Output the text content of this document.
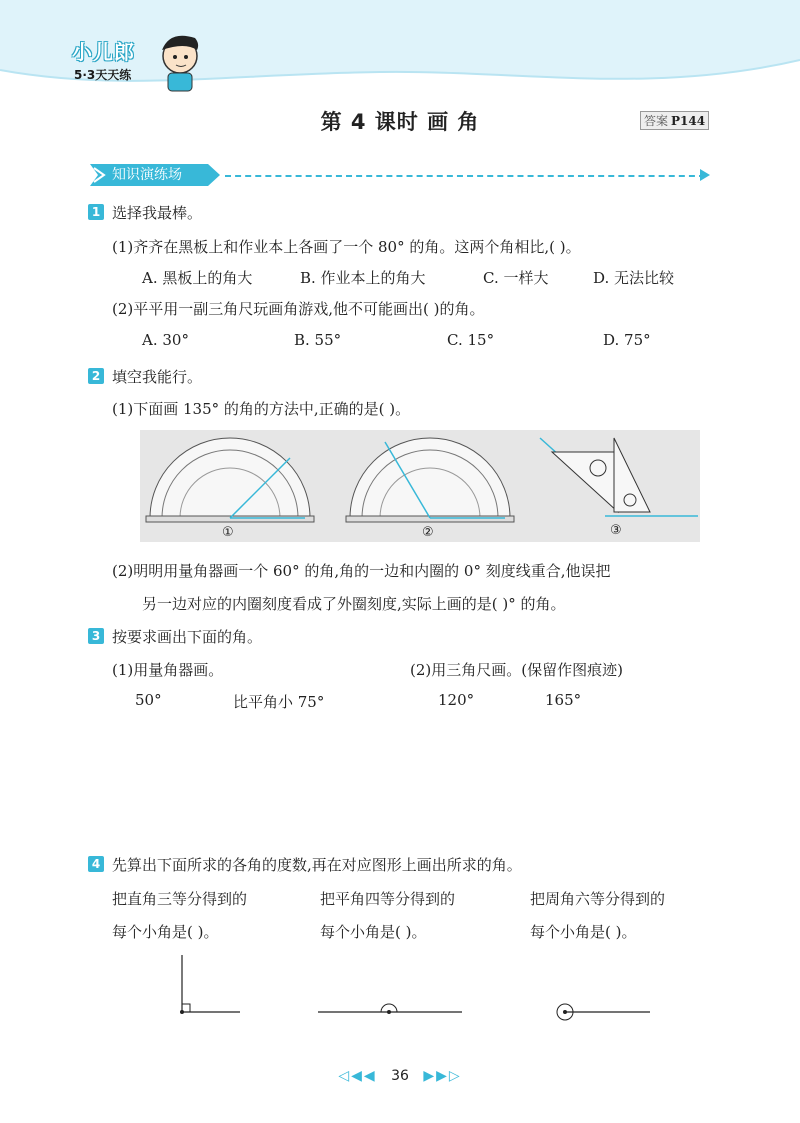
小儿郎
5·3天天练
第 4 课时 画 角	答案 P144
知识演练场
1 选择我最棒。
(1)齐齐在黑板上和作业本上各画了一个 80° 的角。这两个角相比,( )。
A. 黑板上的角大	B. 作业本上的角大	C. 一样大	D. 无法比较
(2)平平用一副三角尺玩画角游戏,他不可能画出( )的角。
A. 30°	B. 55°	C. 15°	D. 75°
2 填空我能行。
(1)下面画 135° 的角的方法中,正确的是( )。
①	②	③
(2)明明用量角器画一个 60° 的角,角的一边和内圈的 0° 刻度线重合,他误把
另一边对应的内圈刻度看成了外圈刻度,实际上画的是( )° 的角。
3 按要求画出下面的角。
(1)用量角器画。	(2)用三角尺画。(保留作图痕迹)
50°	比平角小 75°	120°	165°
4 先算出下面所求的各角的度数,再在对应图形上画出所求的角。
把直角三等分得到的
每个小角是( )。
把平角四等分得到的
每个小角是( )。
把周角六等分得到的
每个小角是( )。
◁◀◀ 36 ▶▶▷
